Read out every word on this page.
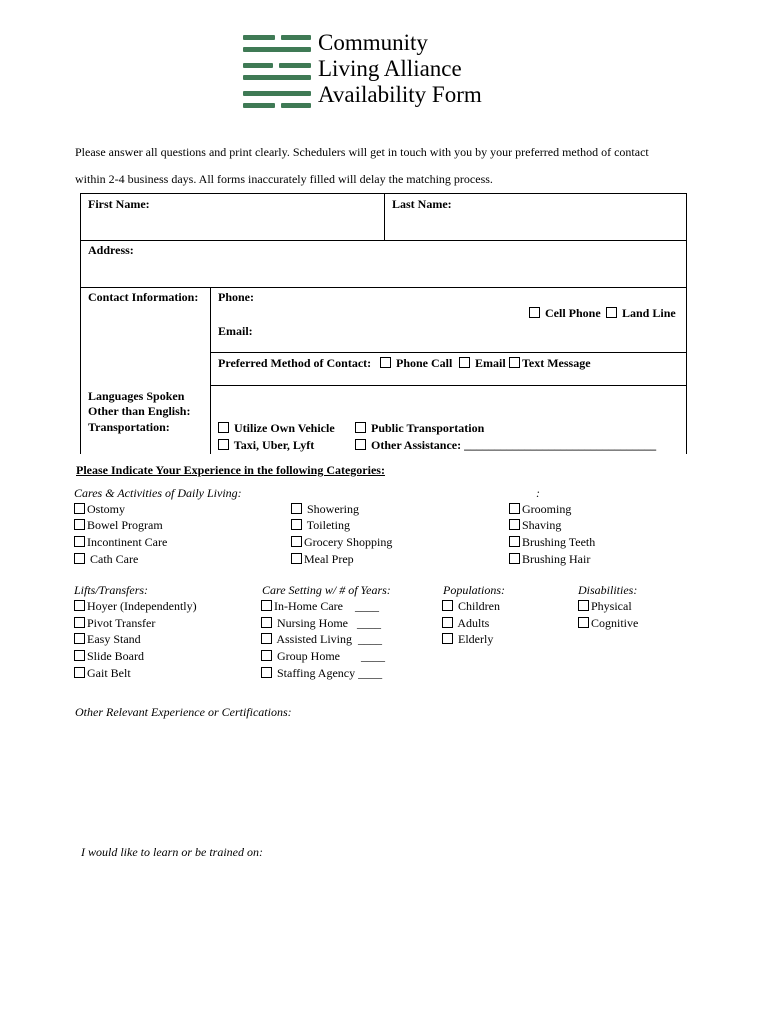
Community
Living Alliance
Availability Form
Please answer all questions and print clearly. Schedulers will get in touch with you by your preferred method of contact
within 2-4 business days. All forms inaccurately filled will delay the matching process.
First Name:	Last Name:
Address:
Contact Information: Phone:
Cell Phone	Land Line
Email:
Preferred Method of Contact:	Phone Call	Email	Text Message
Languages Spoken
Other than English:
Transportation:	Utilize Own Vehicle	Public Transportation
Taxi, Uber, Lyft	Other Assistance: ________________________________
Please Indicate Your Experience in the following Categories:
Cares & Activities of Daily Living:	:
Ostomy
Bowel Program
Incontinent Care
Cath Care
Showering
Toileting
Grocery Shopping
Meal Prep
Grooming
Shaving
Brushing Teeth
Brushing Hair
Lifts/Transfers:
Hoyer (Independently)
Pivot Transfer
Easy Stand
Slide Board
Gait Belt
Care Setting w/ # of Years:
In-Home Care    ____
Nursing Home   ____
Assisted Living  ____
Group Home       ____
Staffing Agency ____
Populations:
Children
Adults
Elderly
Disabilities:
Physical
Cognitive
Other Relevant Experience or Certifications:
I would like to learn or be trained on:
